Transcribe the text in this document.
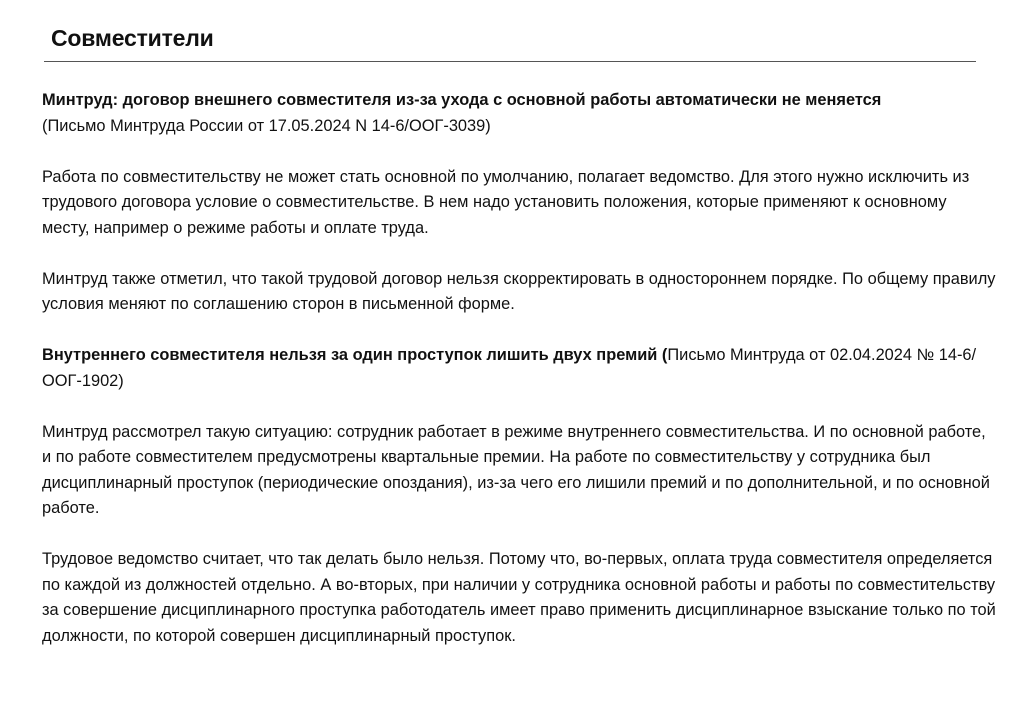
Совместители

Минтруд: договор внешнего совместителя из-за ухода с основной работы автоматически не меняется
(Письмо Минтруда России от 17.05.2024 N 14-6/ООГ-3039)

Работа по совместительству не может стать основной по умолчанию, полагает ведомство. Для этого нужно исключить из трудового договора условие о совместительстве. В нем надо установить положения, которые применяют к основному месту, например о режиме работы и оплате труда.

Минтруд также отметил, что такой трудовой договор нельзя скорректировать в одностороннем порядке. По общему правилу условия меняют по соглашению сторон в письменной форме.

Внутреннего совместителя нельзя за один проступок лишить двух премий (Письмо Минтруда от 02.04.2024 № 14-6/ООГ-1902)

Минтруд рассмотрел такую ситуацию: сотрудник работает в режиме внутреннего совместительства. И по основной работе, и по работе совместителем предусмотрены квартальные премии. На работе по совместительству у сотрудника был дисциплинарный проступок (периодические опоздания), из-за чего его лишили премий и по дополнительной, и по основной работе.

Трудовое ведомство считает, что так делать было нельзя. Потому что, во-первых, оплата труда совместителя определяется по каждой из должностей отдельно. А во-вторых, при наличии у сотрудника основной работы и работы по совместительству за совершение дисциплинарного проступка работодатель имеет право применить дисциплинарное взыскание только по той должности, по которой совершен дисциплинарный проступок.
